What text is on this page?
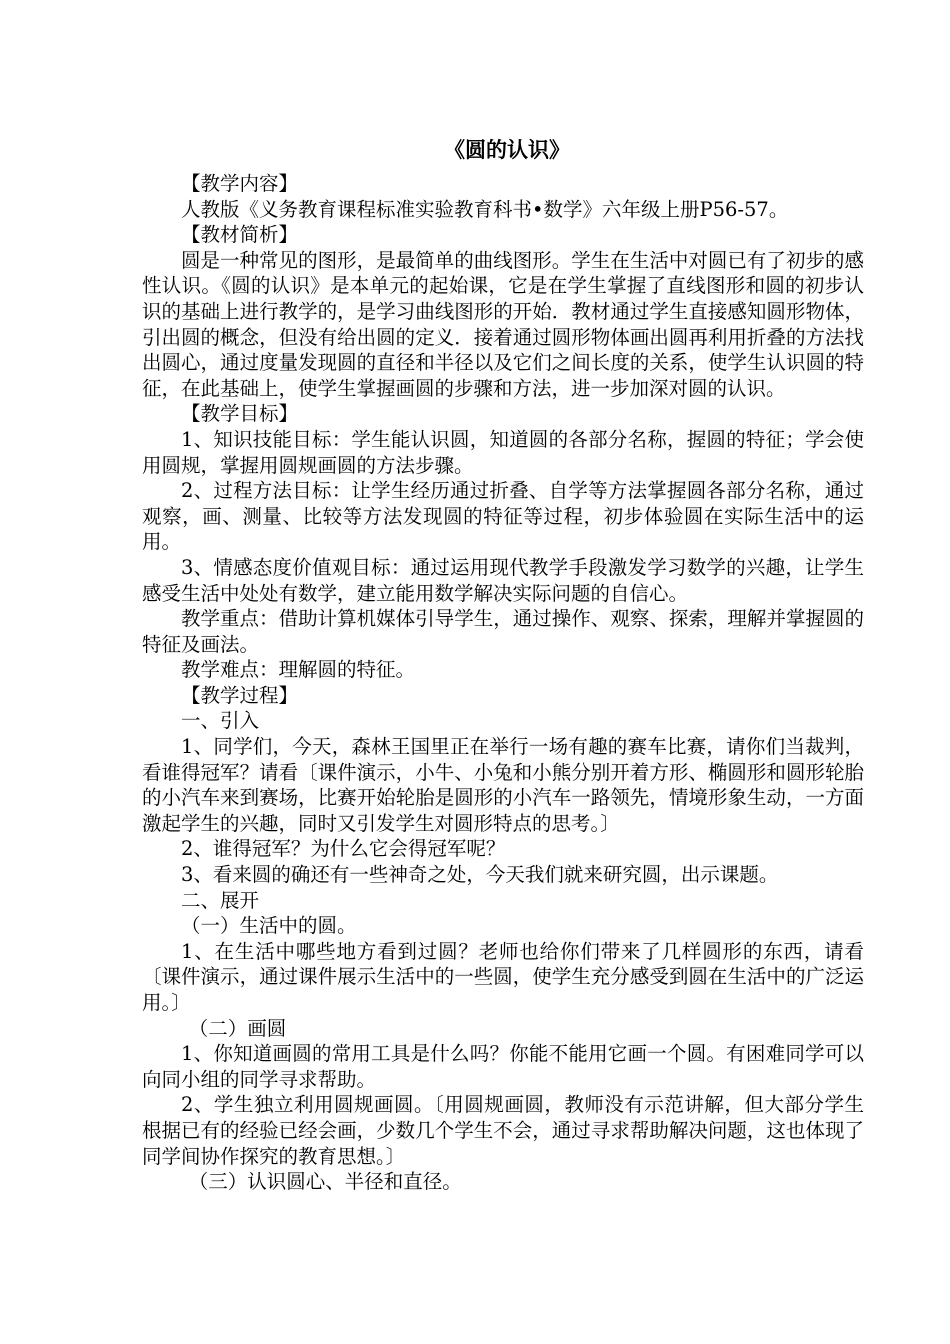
《圆的认识》

【教学内容】

人教版《义务教育课程标准实验教育科书•数学》六年级上册P56-57。

【教材简析】

圆是一种常见的图形，是最简单的曲线图形。学生在生活中对圆已有了初步的感性认识。《圆的认识》是本单元的起始课，它是在学生掌握了直线图形和圆的初步认识的基础上进行教学的，是学习曲线图形的开始．教材通过学生直接感知圆形物体，引出圆的概念，但没有给出圆的定义．接着通过圆形物体画出圆再利用折叠的方法找出圆心，通过度量发现圆的直径和半径以及它们之间长度的关系，使学生认识圆的特征，在此基础上，使学生掌握画圆的步骤和方法，进一步加深对圆的认识。

【教学目标】

1、知识技能目标：学生能认识圆，知道圆的各部分名称，握圆的特征；学会使用圆规，掌握用圆规画圆的方法步骤。

2、过程方法目标：让学生经历通过折叠、自学等方法掌握圆各部分名称，通过观察，画、测量、比较等方法发现圆的特征等过程，初步体验圆在实际生活中的运用。

3、情感态度价值观目标：通过运用现代教学手段激发学习数学的兴趣，让学生感受生活中处处有数学，建立能用数学解决实际问题的自信心。

教学重点：借助计算机媒体引导学生，通过操作、观察、探索，理解并掌握圆的特征及画法。

教学难点：理解圆的特征。

【教学过程】

一、引入

1、同学们，今天，森林王国里正在举行一场有趣的赛车比赛，请你们当裁判，看谁得冠军？请看〔课件演示，小牛、小兔和小熊分别开着方形、椭圆形和圆形轮胎的小汽车来到赛场，比赛开始轮胎是圆形的小汽车一路领先，情境形象生动，一方面激起学生的兴趣，同时又引发学生对圆形特点的思考。〕

2、谁得冠军？为什么它会得冠军呢？

3、看来圆的确还有一些神奇之处，今天我们就来研究圆，出示课题。

二、展开

（一）生活中的圆。

1、在生活中哪些地方看到过圆？老师也给你们带来了几样圆形的东西，请看〔课件演示，通过课件展示生活中的一些圆，使学生充分感受到圆在生活中的广泛运用。〕

（二）画圆

1、你知道画圆的常用工具是什么吗？你能不能用它画一个圆。有困难同学可以向同小组的同学寻求帮助。

2、学生独立利用圆规画圆。〔用圆规画圆，教师没有示范讲解，但大部分学生根据已有的经验已经会画，少数几个学生不会，通过寻求帮助解决问题，这也体现了同学间协作探究的教育思想。〕

（三）认识圆心、半径和直径。
